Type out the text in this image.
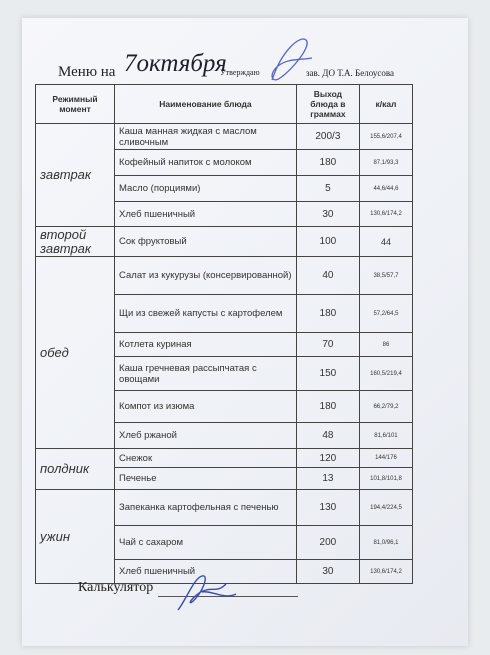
Меню на 7октября
Утверждаю	зав. ДО Т.А. Белоусова
Режимный момент	Наименование блюда	Выход блюда в граммах	к/кал
завтрак	Каша манная жидкая с маслом сливочным	200/3	155,6/207,4
	Кофейный напиток с молоком	180	87,1/93,3
	Масло (порциями)	5	44,6/44,6
	Хлеб пшеничный	30	130,6/174,2
второй завтрак	Сок фруктовый	100	44
обед	Салат из кукурузы (консервированной)	40	38,5/57,7
	Щи из свежей капусты с картофелем	180	57,2/64,5
	Котлета куриная	70	86
	Каша гречневая рассыпчатая с овощами	150	160,5/219,4
	Компот из изюма	180	66,2/79,2
	Хлеб ржаной	48	81,6/101
полдник	Снежок	120	144/176
	Печенье	13	101,8/101,8
ужин	Запеканка картофельная с печенью	130	194,4/224,5
	Чай с сахаром	200	81,0/96,1
	Хлеб пшеничный	30	130,6/174,2
Калькулятор
